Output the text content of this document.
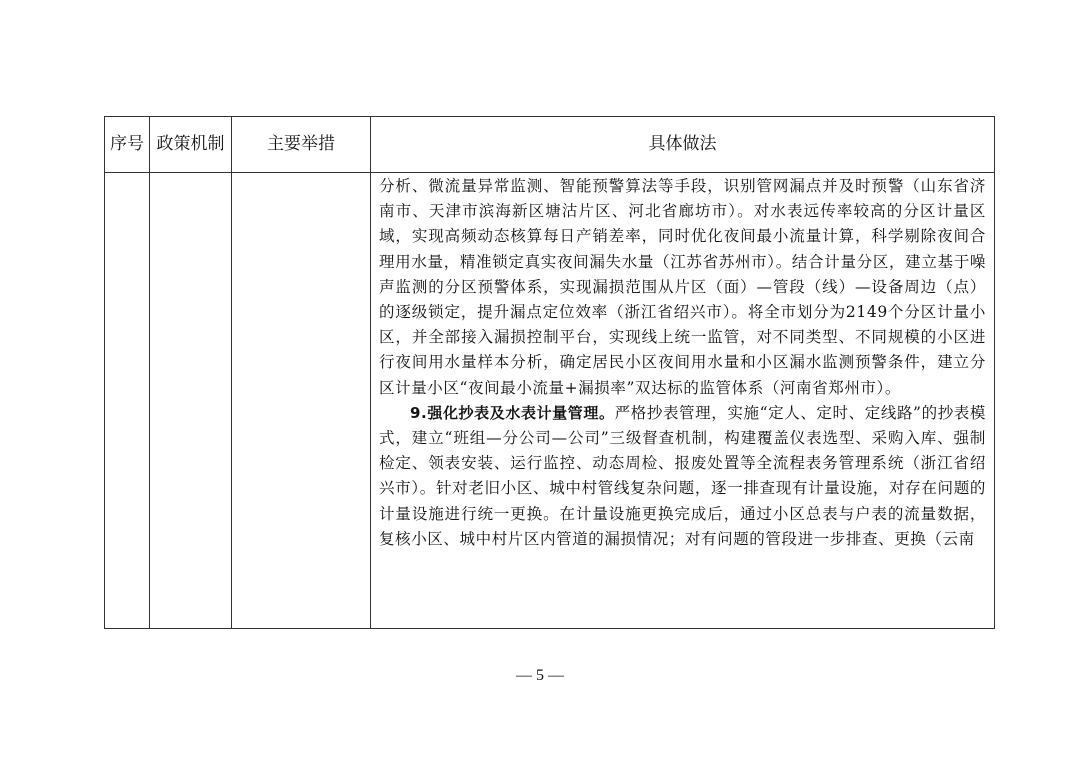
序号	政策机制	主要举措	具体做法

			分析、微流量异常监测、智能预警算法等手段，识别管网漏点并及时预警（山东省济南市、天津市滨海新区塘沽片区、河北省廊坊市）。对水表远传率较高的分区计量区域，实现高频动态核算每日产销差率，同时优化夜间最小流量计算，科学剔除夜间合理用水量，精准锁定真实夜间漏失水量（江苏省苏州市）。结合计量分区，建立基于噪声监测的分区预警体系，实现漏损范围从片区（面）—管段（线）—设备周边（点）的逐级锁定，提升漏点定位效率（浙江省绍兴市）。将全市划分为2149个分区计量小区，并全部接入漏损控制平台，实现线上统一监管，对不同类型、不同规模的小区进行夜间用水量样本分析，确定居民小区夜间用水量和小区漏水监测预警条件，建立分区计量小区“夜间最小流量+漏损率”双达标的监管体系（河南省郑州市）。

9.强化抄表及水表计量管理。严格抄表管理，实施“定人、定时、定线路”的抄表模式，建立“班组—分公司—公司”三级督查机制，构建覆盖仪表选型、采购入库、强制检定、领表安装、运行监控、动态周检、报废处置等全流程表务管理系统（浙江省绍兴市）。针对老旧小区、城中村管线复杂问题，逐一排查现有计量设施，对存在问题的计量设施进行统一更换。在计量设施更换完成后，通过小区总表与户表的流量数据，复核小区、城中村片区内管道的漏损情况；对有问题的管段进一步排查、更换（云南

— 5 —
